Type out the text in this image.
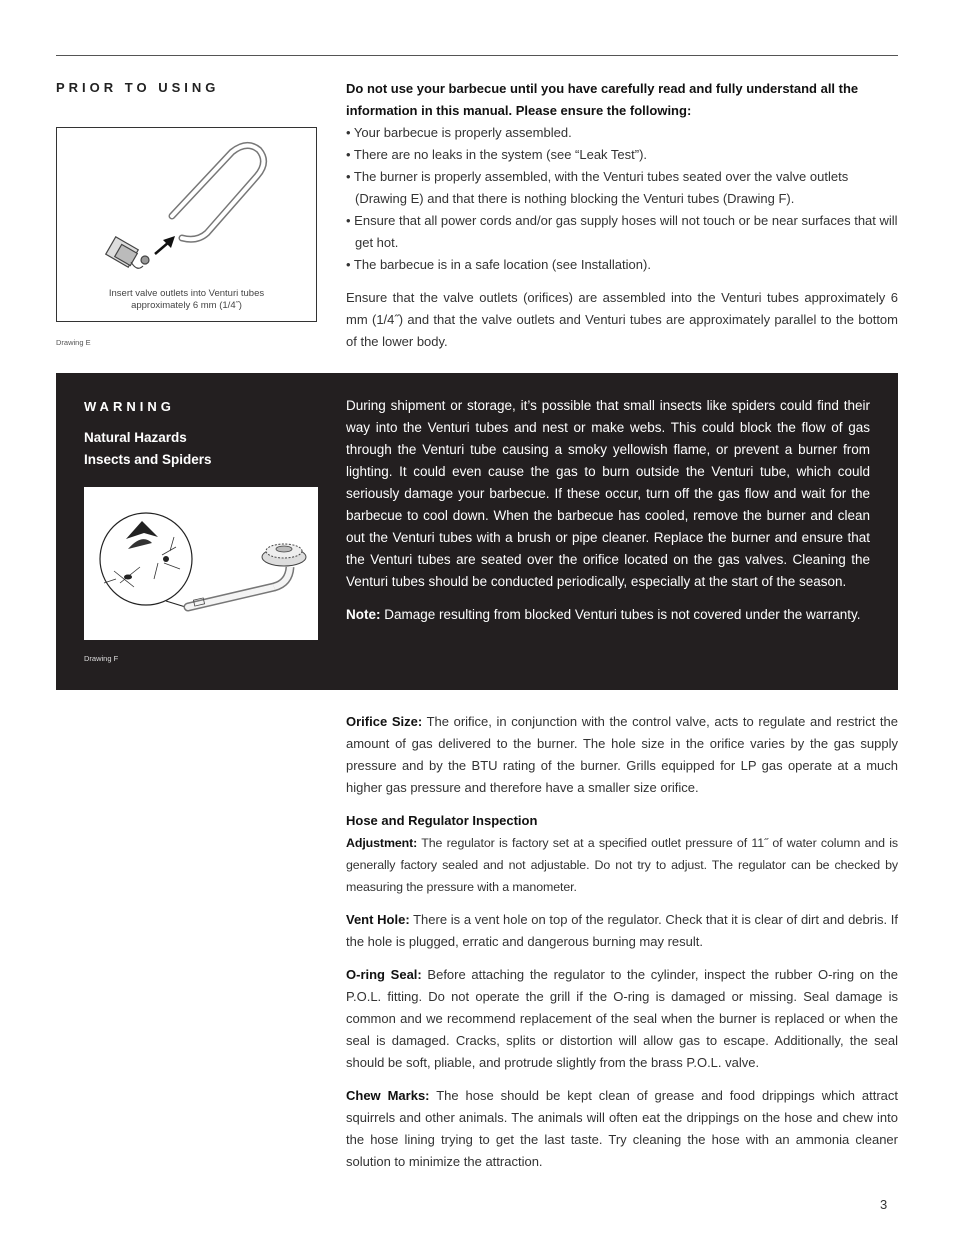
PRIOR TO USING
Insert valve outlets into Venturi tubes
approximately 6 mm (1/4˝)
Drawing E

Do not use your barbecue until you have carefully read and fully understand all the information in this manual. Please ensure the following:

• Your barbecue is properly assembled.
• There are no leaks in the system (see “Leak Test”).
• The burner is properly assembled, with the Venturi tubes seated over the valve outlets (Drawing E) and that there is nothing blocking the Venturi tubes (Drawing F).
• Ensure that all power cords and/or gas supply hoses will not touch or be near surfaces that will get hot.
• The barbecue is in a safe location (see Installation).

Ensure that the valve outlets (orifices) are assembled into the Venturi tubes approximately 6 mm (1/4˝) and that the valve outlets and Venturi tubes are approximately parallel to the bottom of the lower body.

WARNING
Natural Hazards
Insects and Spiders
Drawing F

During shipment or storage, it’s possible that small insects like spiders could find their way into the Venturi tubes and nest or make webs. This could block the flow of gas through the Venturi tube causing a smoky yellowish flame, or prevent a burner from lighting. It could even cause the gas to burn outside the Venturi tube, which could seriously damage your barbecue. If these occur, turn off the gas flow and wait for the barbecue to cool down. When the barbecue has cooled, remove the burner and clean out the Venturi tubes with a brush or pipe cleaner. Replace the burner and ensure that the Venturi tubes are seated over the orifice located on the gas valves. Cleaning the Venturi tubes should be conducted periodically, especially at the start of the season.

Note: Damage resulting from blocked Venturi tubes is not covered under the warranty.

Orifice Size: The orifice, in conjunction with the control valve, acts to regulate and restrict the amount of gas delivered to the burner. The hole size in the orifice varies by the gas supply pressure and by the BTU rating of the burner. Grills equipped for LP gas operate at a much higher gas pressure and therefore have a smaller size orifice.

Hose and Regulator Inspection

Adjustment: The regulator is factory set at a specified outlet pressure of 11˝ of water column and is generally factory sealed and not adjustable. Do not try to adjust. The regulator can be checked by measuring the pressure with a manometer.

Vent Hole: There is a vent hole on top of the regulator. Check that it is clear of dirt and debris. If the hole is plugged, erratic and dangerous burning may result.

O-ring Seal: Before attaching the regulator to the cylinder, inspect the rubber O-ring on the P.O.L. fitting. Do not operate the grill if the O-ring is damaged or missing. Seal damage is common and we recommend replacement of the seal when the burner is replaced or when the seal is damaged. Cracks, splits or distortion will allow gas to escape. Additionally, the seal should be soft, pliable, and protrude slightly from the brass P.O.L. valve.

Chew Marks: The hose should be kept clean of grease and food drippings which attract squirrels and other animals. The animals will often eat the drippings on the hose and chew into the hose lining trying to get the last taste. Try cleaning the hose with an ammonia cleaner solution to minimize the attraction.

3
